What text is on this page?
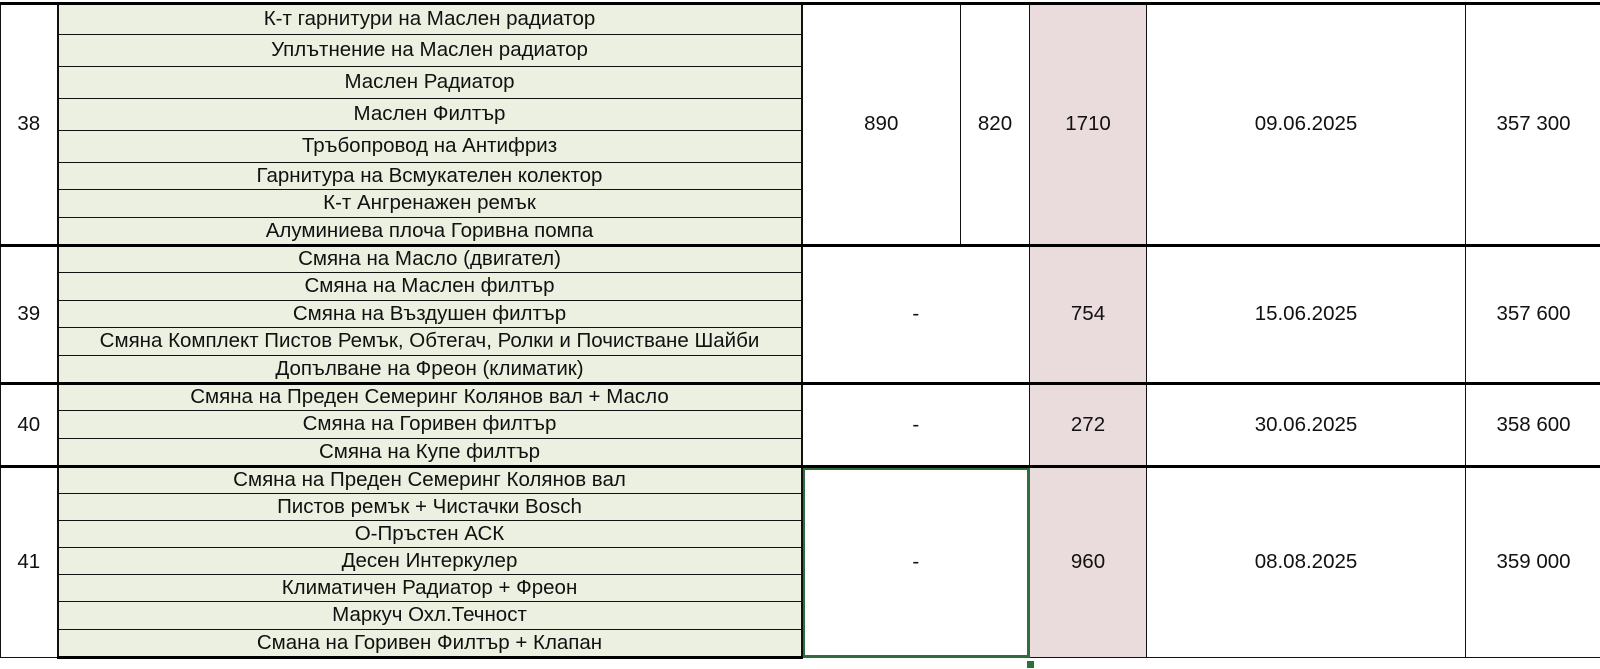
38	К-т гарнитури на Маслен радиатор	890	820	1710	09.06.2025	357 300
	Уплътнение на Маслен радиатор					
	Маслен Радиатор					
	Маслен Филтър					
	Тръбопровод на Антифриз					
	Гарнитура на Всмукателен колектор					
	К-т Ангренажен ремък					
	Алуминиева плоча Горивна помпа					
39	Смяна на Масло (двигател)	-		754	15.06.2025	357 600
	Смяна на Маслен филтър					
	Смяна на Въздушен филтър					
	Смяна Комплект Пистов Ремък, Обтегач, Ролки и Почистване Шайби					
	Допълване на Фреон (климатик)					
40	Смяна на Преден Семеринг Колянов вал + Масло	-		272	30.06.2025	358 600
	Смяна на Горивен филтър					
	Смяна на Купе филтър					
41	Смяна на Преден Семеринг Колянов вал	-		960	08.08.2025	359 000
	Пистов ремък + Чистачки Bosch					
	О-Пръстен АСК					
	Десен Интеркулер					
	Климатичен Радиатор + Фреон					
	Маркуч Охл.Течност					
	Смана на Горивен Филтър + Клапан					
